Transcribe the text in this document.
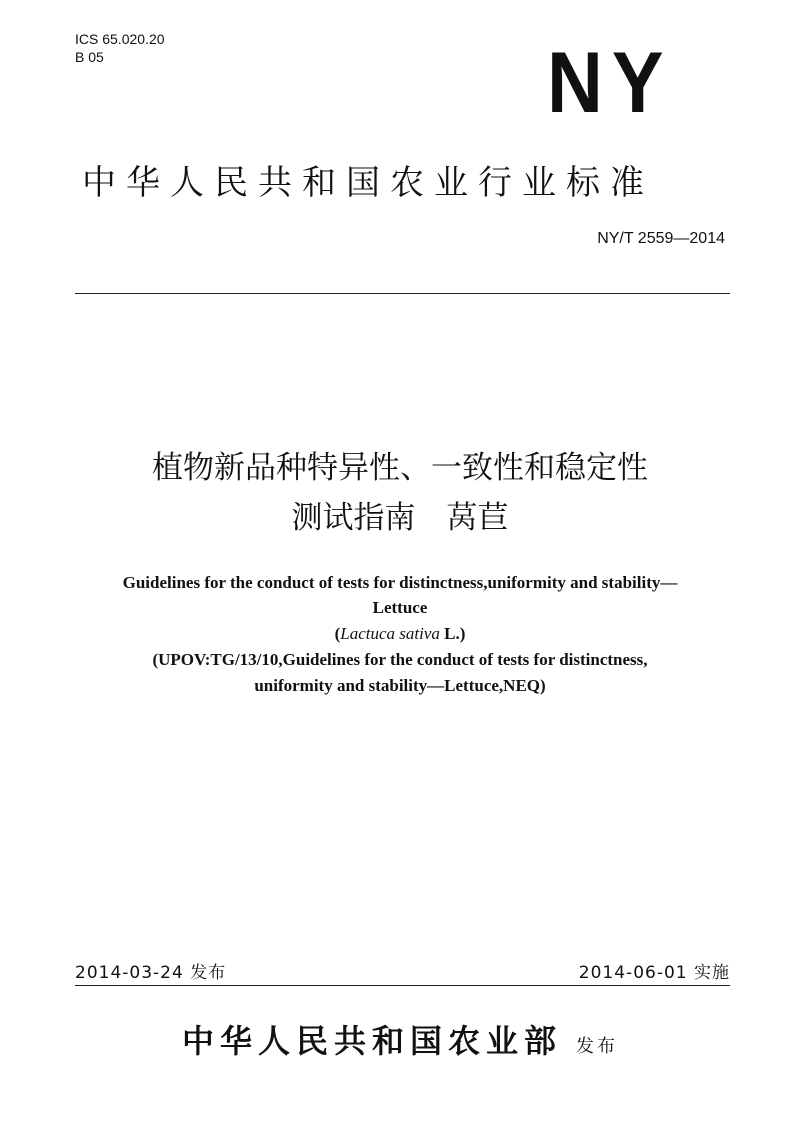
ICS 65.020.20
B 05	NY
中华人民共和国农业行业标准
NY/T 2559—2014
植物新品种特异性、一致性和稳定性
测试指南　莴苣
Guidelines for the conduct of tests for distinctness,uniformity and stability—
Lettuce
(Lactuca sativa L.)
(UPOV:TG/13/10,Guidelines for the conduct of tests for distinctness,
uniformity and stability—Lettuce,NEQ)
2014-03-24 发布	2014-06-01 实施
中华人民共和国农业部 发布
